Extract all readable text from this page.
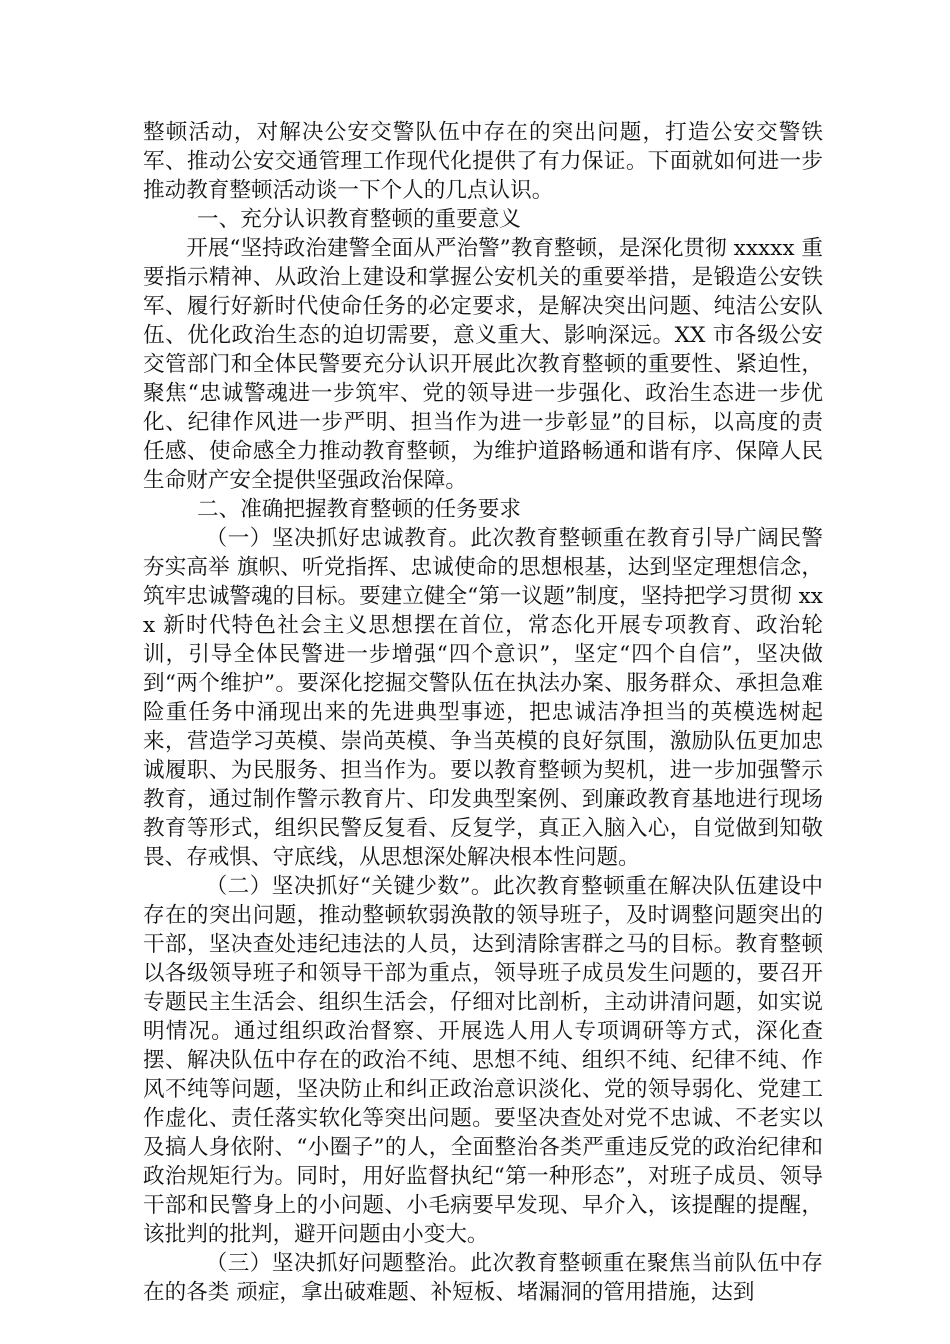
整顿活动，对解决公安交警队伍中存在的突出问题，打造公安交警铁军、推动公安交通管理工作现代化提供了有力保证。下面就如何进一步推动教育整顿活动谈一下个人的几点认识。

一、充分认识教育整顿的重要意义

开展“坚持政治建警全面从严治警”教育整顿，是深化贯彻 xxxxx 重要指示精神、从政治上建设和掌握公安机关的重要举措，是锻造公安铁军、履行好新时代使命任务的必定要求，是解决突出问题、纯洁公安队伍、优化政治生态的迫切需要，意义重大、影响深远。XX 市各级公安交管部门和全体民警要充分认识开展此次教育整顿的重要性、紧迫性，聚焦“忠诚警魂进一步筑牢、党的领导进一步强化、政治生态进一步优化、纪律作风进一步严明、担当作为进一步彰显”的目标，以高度的责任感、使命感全力推动教育整顿，为维护道路畅通和谐有序、保障人民生命财产安全提供坚强政治保障。

二、准确把握教育整顿的任务要求

（一）坚决抓好忠诚教育。此次教育整顿重在教育引导广阔民警夯实高举 旗帜、听党指挥、忠诚使命的思想根基，达到坚定理想信念，筑牢忠诚警魂的目标。要建立健全“第一议题”制度，坚持把学习贯彻 xxx 新时代特色社会主义思想摆在首位，常态化开展专项教育、政治轮训，引导全体民警进一步增强“四个意识”，坚定“四个自信”，坚决做到“两个维护”。要深化挖掘交警队伍在执法办案、服务群众、承担急难险重任务中涌现出来的先进典型事迹，把忠诚洁净担当的英模选树起来，营造学习英模、崇尚英模、争当英模的良好氛围，激励队伍更加忠诚履职、为民服务、担当作为。要以教育整顿为契机，进一步加强警示教育，通过制作警示教育片、印发典型案例、到廉政教育基地进行现场教育等形式，组织民警反复看、反复学，真正入脑入心，自觉做到知敬畏、存戒惧、守底线，从思想深处解决根本性问题。

（二）坚决抓好“关键少数”。此次教育整顿重在解决队伍建设中存在的突出问题，推动整顿软弱涣散的领导班子，及时调整问题突出的干部，坚决查处违纪违法的人员，达到清除害群之马的目标。教育整顿以各级领导班子和领导干部为重点，领导班子成员发生问题的，要召开专题民主生活会、组织生活会，仔细对比剖析，主动讲清问题，如实说明情况。通过组织政治督察、开展选人用人专项调研等方式，深化查摆、解决队伍中存在的政治不纯、思想不纯、组织不纯、纪律不纯、作风不纯等问题，坚决防止和纠正政治意识淡化、党的领导弱化、党建工作虚化、责任落实软化等突出问题。要坚决查处对党不忠诚、不老实以及搞人身依附、“小圈子”的人，全面整治各类严重违反党的政治纪律和政治规矩行为。同时，用好监督执纪“第一种形态”，对班子成员、领导干部和民警身上的小问题、小毛病要早发现、早介入，该提醒的提醒，该批判的批判，避开问题由小变大。

（三）坚决抓好问题整治。此次教育整顿重在聚焦当前队伍中存在的各类 顽症，拿出破难题、补短板、堵漏洞的管用措施，达到
